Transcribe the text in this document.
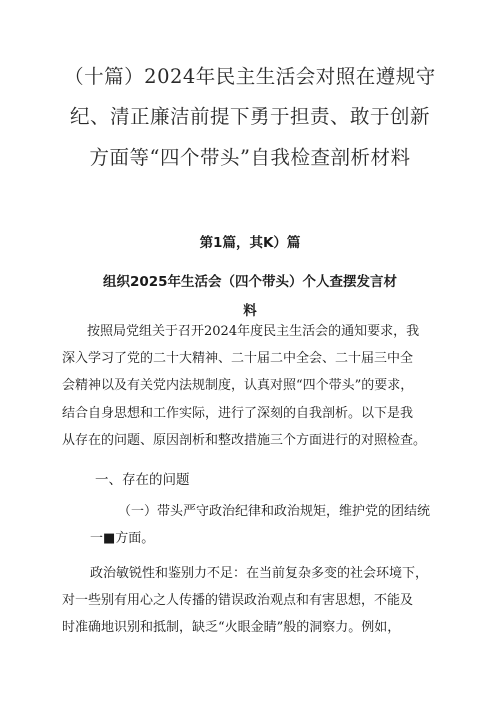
（十篇）2024年民主生活会对照在遵规守
纪、清正廉洁前提下勇于担责、敢于创新
方面等“四个带头”自我检查剖析材料
第1篇，其K）篇
组织2025年生活会（四个带头）个人查摆发言材
料
按照局党组关于召开2024年度民主生活会的通知要求，我
深入学习了党的二十大精神、二十届二中全会、二十届三中全
会精神以及有关党内法规制度，认真对照“四个带头”的要求，
结合自身思想和工作实际，进行了深刻的自我剖析。以下是我
从存在的问题、原因剖析和整改措施三个方面进行的对照检查。
一、存在的问题
（一）带头严守政治纪律和政治规矩，维护党的团结统
一■方面。
政治敏锐性和鉴别力不足：在当前复杂多变的社会环境下，
对一些别有用心之人传播的错误政治观点和有害思想，不能及
时准确地识别和抵制，缺乏“火眼金睛”般的洞察力。例如，
